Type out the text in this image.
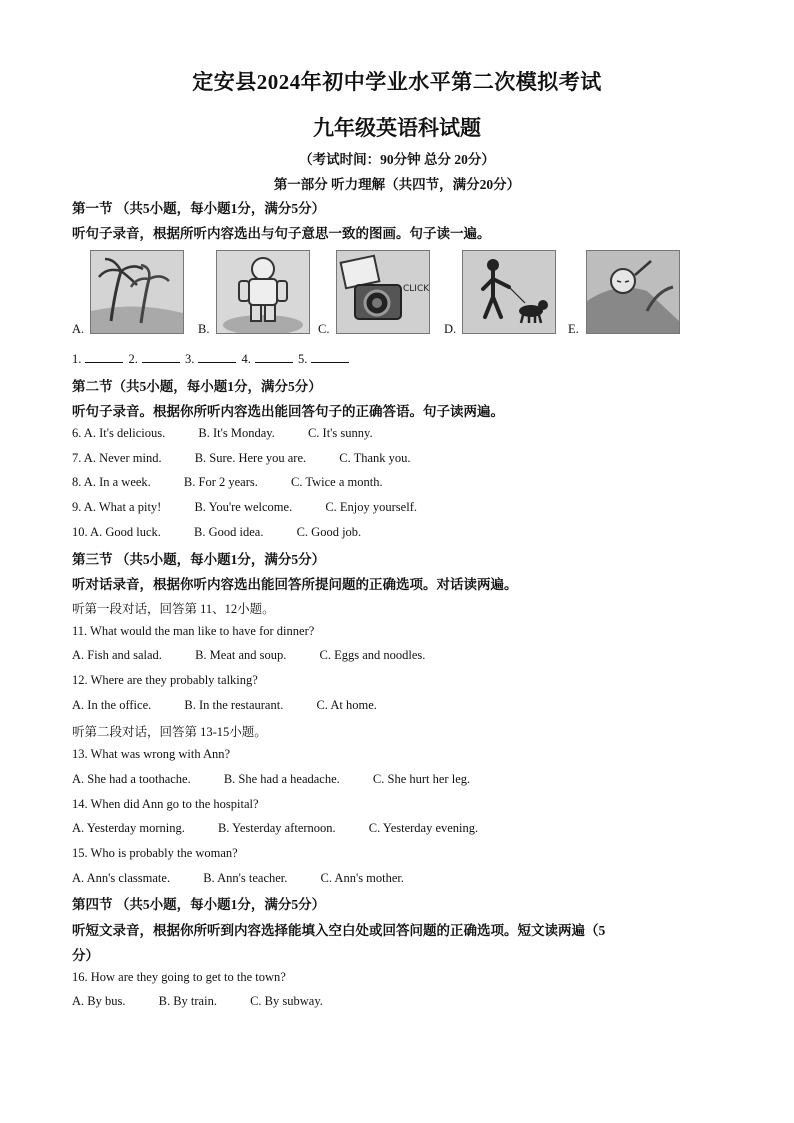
定安县2024年初中学业水平第二次模拟考试
九年级英语科试题
（考试时间：90分钟 总分 20分）
第一部分 听力理解（共四节，满分20分）
第一节 （共5小题，每小题1分，满分5分）
听句子录音，根据所听内容选出与句子意思一致的图画。句子读一遍。
A.	B.	C.
CLICK
D.	E.
1.	2.	3.	4.	5.
第二节（共5小题，每小题1分，满分5分）
听句子录音。根据你所听内容选出能回答句子的正确答语。句子读两遍。
6. A. It's delicious.	B. It's Monday.	C. It's sunny.
7. A. Never mind.	B. Sure. Here you are.	C. Thank you.
8. A. In a week.	B. For 2 years.	C. Twice a month.
9. A. What a pity!	B. You're welcome.	C. Enjoy yourself.
10. A. Good luck.	B. Good idea.	C. Good job.
第三节 （共5小题，每小题1分，满分5分）
听对话录音，根据你听内容选出能回答所提问题的正确选项。对话读两遍。
听第一段对话，回答第 11、12小题。
11. What would the man like to have for dinner?
A. Fish and salad.	B. Meat and soup.	C. Eggs and noodles.
12. Where are they probably talking?
A. In the office.	B. In the restaurant.	C. At home.
听第二段对话，回答第 13-15小题。
13. What was wrong with Ann?
A. She had a toothache.	B. She had a headache.	C. She hurt her leg.
14. When did Ann go to the hospital?
A. Yesterday morning.	B. Yesterday afternoon.	C. Yesterday evening.
15. Who is probably the woman?
A. Ann's classmate.	B. Ann's teacher.	C. Ann's mother.
第四节 （共5小题，每小题1分，满分5分）
听短文录音，根据你所听到内容选择能填入空白处或回答问题的正确选项。短文读两遍（5
分）
16. How are they going to get to the town?
A. By bus.	B. By train.	C. By subway.
